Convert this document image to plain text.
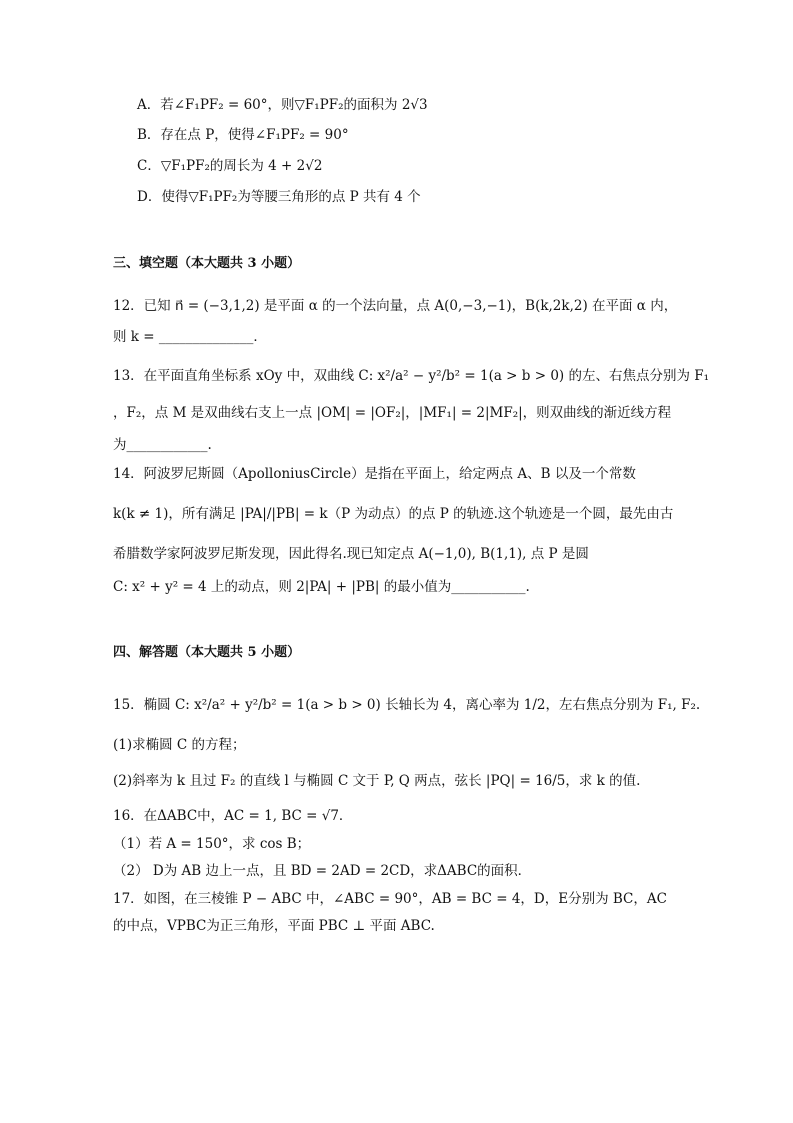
A．若∠F₁PF₂ = 60°，则▽F₁PF₂的面积为 2√3
B．存在点 P，使得∠F₁PF₂ = 90°
C．▽F₁PF₂的周长为 4 + 2√2
D．使得▽F₁PF₂为等腰三角形的点 P 共有 4 个
三、填空题（本大题共 3 小题）
12．已知 n⃗ = (−3,1,2) 是平面 α 的一个法向量，点 A(0,−3,−1)，B(k,2k,2) 在平面 α 内，
则 k = ______________．
13．在平面直角坐标系 xOy 中，双曲线 C: x²/a² − y²/b² = 1(a > b > 0) 的左、右焦点分别为 F₁
，F₂，点 M 是双曲线右支上一点 |OM| = |OF₂|，|MF₁| = 2|MF₂|，则双曲线的渐近线方程
为____________.
14．阿波罗尼斯圆（ApolloniusCircle）是指在平面上，给定两点 A、B 以及一个常数
k(k ≠ 1)，所有满足 |PA|/|PB| = k（P 为动点）的点 P 的轨迹.这个轨迹是一个圆，最先由古
希腊数学家阿波罗尼斯发现，因此得名.现已知定点 A(−1,0), B(1,1), 点 P 是圆
C: x² + y² = 4 上的动点，则 2|PA| + |PB| 的最小值为___________.
四、解答题（本大题共 5 小题）
15．椭圆 C: x²/a² + y²/b² = 1(a > b > 0) 长轴长为 4，离心率为 1/2，左右焦点分别为 F₁, F₂.
(1)求椭圆 C 的方程；
(2)斜率为 k 且过 F₂ 的直线 l 与椭圆 C 文于 P, Q 两点，弦长 |PQ| = 16/5，求 k 的值.
16．在ΔABC中，AC = 1, BC = √7．
（1）若 A = 150°，求 cos B；
（2） D为 AB 边上一点，且 BD = 2AD = 2CD，求ΔABC的面积．
17．如图，在三棱锥 P − ABC 中，∠ABC = 90°，AB = BC = 4，D，E分别为 BC，AC
的中点，VPBC为正三角形，平面 PBC ⊥ 平面 ABC.
